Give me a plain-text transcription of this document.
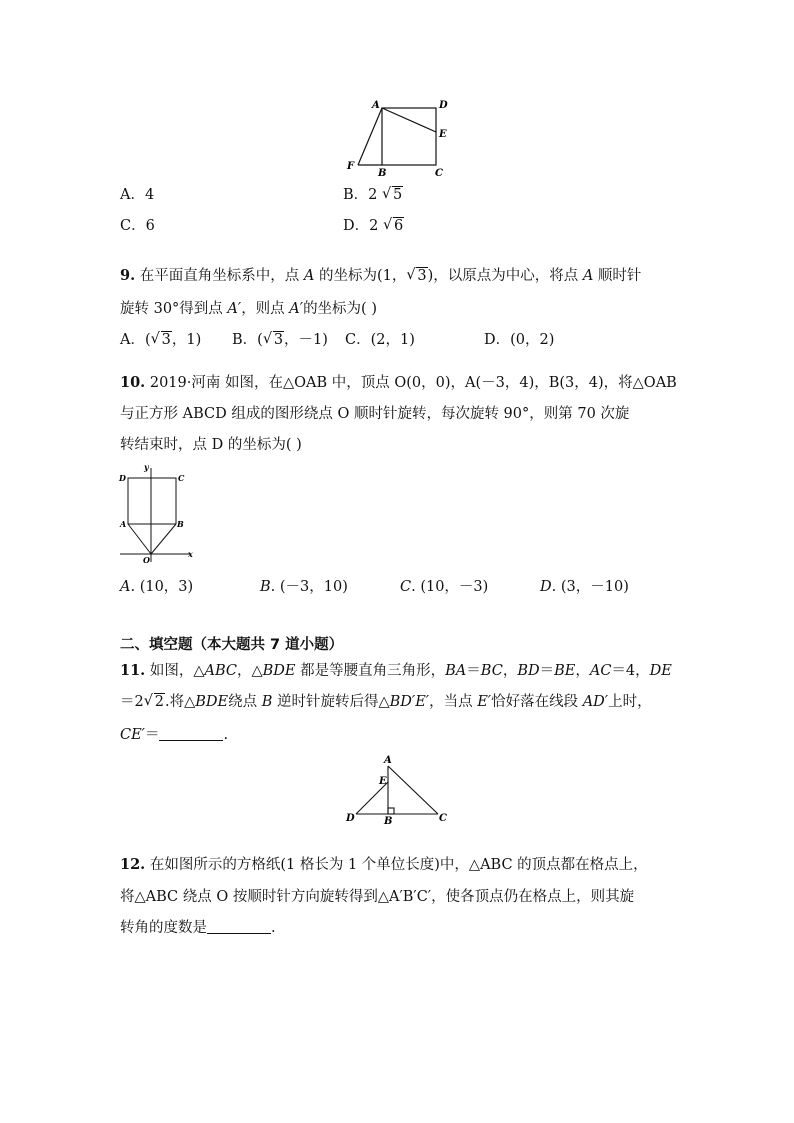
A	D
E
F
B	C
A．4	B．2 √ 5
C．6	D．2 √ 6
9. 在平面直角坐标系中，点 A 的坐标为(1， √ 3)，以原点为中心，将点 A 顺时针
旋转 30°得到点 A′，则点 A′的坐标为( )
A．( √ 3，1) B．( √ 3，－1) C．(2，1)	D．(0，2)
10. 2019·河南 如图，在△OAB 中，顶点 O(0，0)，A(－3，4)，B(3，4)，将△OAB
与正方形 ABCD 组成的图形绕点 O 顺时针旋转，每次旋转 90°，则第 70 次旋
转结束时，点 D 的坐标为( )
y
D	C
A	B
O
x
A. (10，3)	B. (－3，10)	C. (10，－3)	D. (3，－10)
二、填空题（本大题共 7 道小题）
11. 如图，△ABC，△BDE 都是等腰直角三角形，BA＝BC，BD＝BE，AC＝4，DE
＝2 √ 2.将△BDE绕点 B 逆时针旋转后得△BD′E′，当点 E′恰好落在线段 AD′上时，
CE′＝	.
A
E
D	B	C
12. 在如图所示的方格纸(1 格长为 1 个单位长度)中，△ABC 的顶点都在格点上，
将△ABC 绕点 O 按顺时针方向旋转得到△A′B′C′，使各顶点仍在格点上，则其旋
转角的度数是	.
